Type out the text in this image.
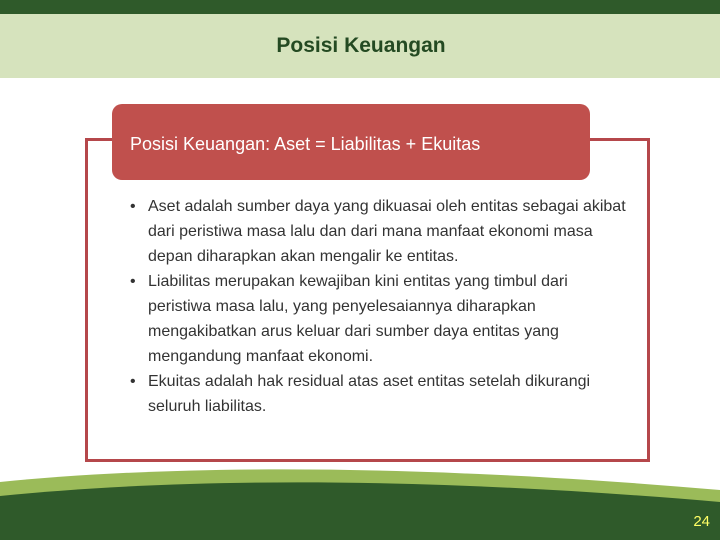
Posisi Keuangan
Posisi Keuangan: Aset = Liabilitas + Ekuitas
• Aset adalah sumber daya yang dikuasai oleh entitas sebagai akibat dari peristiwa masa lalu dan dari mana manfaat ekonomi masa depan diharapkan akan mengalir ke entitas.
• Liabilitas merupakan kewajiban kini entitas yang timbul dari peristiwa masa lalu, yang penyelesaiannya diharapkan mengakibatkan arus keluar dari sumber daya entitas yang mengandung manfaat ekonomi.
• Ekuitas adalah hak residual atas aset entitas setelah dikurangi seluruh liabilitas.
24
